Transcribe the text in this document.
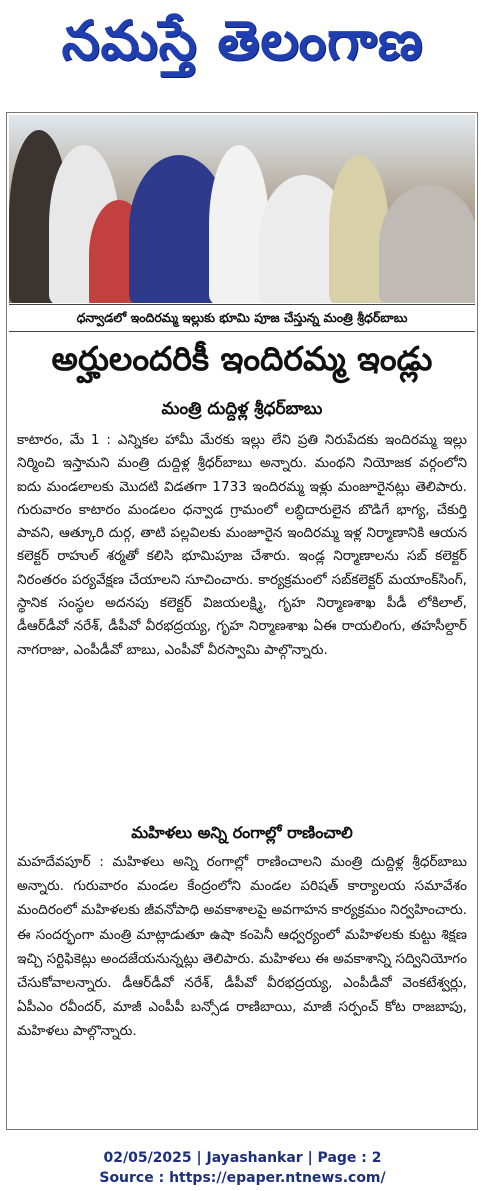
నమస్తే తెలంగాణ
ధన్వాడలో ఇందిరమ్మ ఇల్లుకు భూమి పూజ చేస్తున్న మంత్రి శ్రీధర్‌బాబు
అర్హులందరికీ ఇందిరమ్మ ఇండ్లు
మంత్రి దుద్దిళ్ల శ్రీధర్‌బాబు
కాటారం, మే 1 : ఎన్నికల హామీ మేరకు ఇల్లు లేని ప్రతి నిరుపేదకు ఇందిరమ్మ ఇల్లు నిర్మించి ఇస్తామని మంత్రి దుద్దిళ్ల శ్రీధర్‌బాబు అన్నారు. మంథని నియోజక వర్గంలోని ఐదు మండలాలకు మొదటి విడతగా 1733 ఇందిరమ్మ ఇళ్లు మంజూరైనట్లు తెలిపారు. గురువారం కాటారం మండలం ధన్వాడ గ్రామంలో లబ్ధిదారులైన బొడిగే భాగ్య, చేకుర్తి పావని, ఆత్కూరి దుర్గ, తాటి పల్లవిలకు మంజూరైన ఇందిరమ్మ ఇళ్ల నిర్మాణానికి ఆయన కలెక్టర్ రాహుల్ శర్మతో కలిసి భూమిపూజ చేశారు. ఇండ్ల నిర్మాణాలను సబ్ కలెక్టర్ నిరంతరం పర్యవేక్షణ చేయాలని సూచించారు. కార్యక్రమంలో సబ్‌కలెక్టర్ మయాంక్‌సింగ్, స్థానిక సంస్థల అదనపు కలెక్టర్ విజయలక్ష్మి, గృహ నిర్మాణశాఖ పీడీ లోకిలాల్, డీఆర్‌డీవో నరేశ్, డీపీవో వీరభద్రయ్య, గృహ నిర్మాణశాఖ ఏఈ రాయలింగు, తహసీల్దార్ నాగరాజు, ఎంపీడీవో బాబు, ఎంపీవో వీరస్వామి పాల్గొన్నారు.
మహిళలు అన్ని రంగాల్లో రాణించాలి
మహదేవపూర్ : మహిళలు అన్ని రంగాల్లో రాణించాలని మంత్రి దుద్దిళ్ల శ్రీధర్‌బాబు అన్నారు. గురువారం మండల కేంద్రంలోని మండల పరిషత్ కార్యాలయ సమావేశం మందిరంలో మహిళలకు జీవనోపాధి అవకాశాలపై అవగాహన కార్యక్రమం నిర్వహించారు. ఈ సందర్భంగా మంత్రి మాట్లాడుతూ ఉషా కంపెనీ ఆధ్వర్యంలో మహిళలకు కుట్టు శిక్షణ ఇచ్చి సర్టిఫికెట్లు అందజేయనున్నట్లు తెలిపారు. మహిళలు ఈ అవకాశాన్ని సద్వినియోగం చేసుకోవాలన్నారు. డీఆర్‌డీవో నరేశ్, డీపీవో వీరభద్రయ్య, ఎంపీడీవో వెంకటేశ్వర్లు, ఏపీఎం రవీందర్, మాజీ ఎంపీపీ బన్సోడ రాణిబాయి, మాజీ సర్పంచ్ కోట రాజబాపు, మహిళలు పాల్గొన్నారు.
02/05/2025 | Jayashankar | Page : 2
Source : https://epaper.ntnews.com/
